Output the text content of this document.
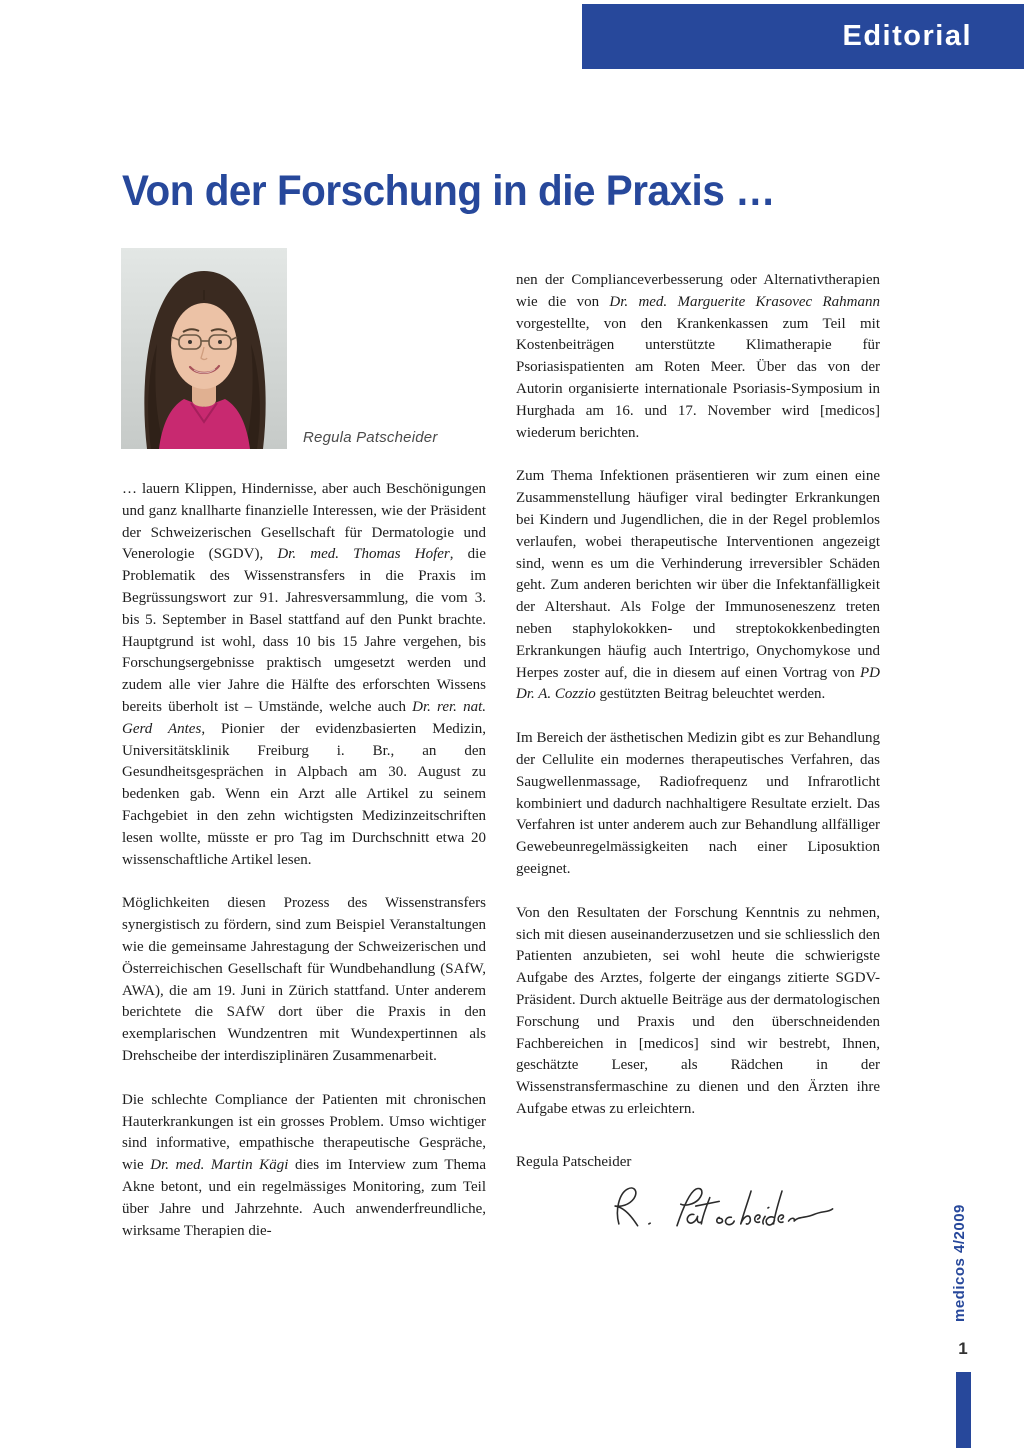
Editorial
Von der Forschung in die Praxis …
Regula Patscheider

… lauern Klippen, Hindernisse, aber auch Beschönigungen und ganz knallharte finanzielle Interessen, wie der Präsident der Schweizerischen Gesellschaft für Dermatologie und Venerologie (SGDV), Dr. med. Thomas Hofer, die Problematik des Wissenstransfers in die Praxis im Begrüssungswort zur 91. Jahresversammlung, die vom 3. bis 5. September in Basel stattfand auf den Punkt brachte. Hauptgrund ist wohl, dass 10 bis 15 Jahre vergehen, bis Forschungsergebnisse praktisch umgesetzt werden und zudem alle vier Jahre die Hälfte des erforschten Wissens bereits überholt ist – Umstände, welche auch Dr. rer. nat. Gerd Antes, Pionier der evidenzbasierten Medizin, Universitätsklinik Freiburg i. Br., an den Gesundheitsgesprächen in Alpbach am 30. August zu bedenken gab. Wenn ein Arzt alle Artikel zu seinem Fachgebiet in den zehn wichtigsten Medizinzeitschriften lesen wollte, müsste er pro Tag im Durchschnitt etwa 20 wissenschaftliche Artikel lesen.

Möglichkeiten diesen Prozess des Wissenstransfers synergistisch zu fördern, sind zum Beispiel Veranstaltungen wie die gemeinsame Jahrestagung der Schweizerischen und Österreichischen Gesellschaft für Wundbehandlung (SAfW, AWA), die am 19. Juni in Zürich stattfand. Unter anderem berichtete die SAfW dort über die Praxis in den exemplarischen Wundzentren mit Wundexpertinnen als Drehscheibe der interdisziplinären Zusammenarbeit.

Die schlechte Compliance der Patienten mit chronischen Hauterkrankungen ist ein grosses Problem. Umso wichtiger sind informative, empathische therapeutische Gespräche, wie Dr. med. Martin Kägi dies im Interview zum Thema Akne betont, und ein regelmässiges Monitoring, zum Teil über Jahre und Jahrzehnte. Auch anwenderfreundliche, wirksame Therapien die-

nen der Complianceverbesserung oder Alternativtherapien wie die von Dr. med. Marguerite Krasovec Rahmann vorgestellte, von den Krankenkassen zum Teil mit Kostenbeiträgen unterstützte Klimatherapie für Psoriasispatienten am Roten Meer. Über das von der Autorin organisierte internationale Psoriasis-Symposium in Hurghada am 16. und 17. November wird [medicos] wiederum berichten.

Zum Thema Infektionen präsentieren wir zum einen eine Zusammenstellung häufiger viral bedingter Erkrankungen bei Kindern und Jugendlichen, die in der Regel problemlos verlaufen, wobei therapeutische Interventionen angezeigt sind, wenn es um die Verhinderung irreversibler Schäden geht. Zum anderen berichten wir über die Infektanfälligkeit der Altershaut. Als Folge der Immunoseneszenz treten neben staphylokokken- und streptokokkenbedingten Erkrankungen häufig auch Intertrigo, Onychomykose und Herpes zoster auf, die in diesem auf einen Vortrag von PD Dr. A. Cozzio gestützten Beitrag beleuchtet werden.

Im Bereich der ästhetischen Medizin gibt es zur Behandlung der Cellulite ein modernes therapeutisches Verfahren, das Saugwellenmassage, Radiofrequenz und Infrarotlicht kombiniert und dadurch nachhaltigere Resultate erzielt. Das Verfahren ist unter anderem auch zur Behandlung allfälliger Gewebeunregelmässigkeiten nach einer Liposuktion geeignet.

Von den Resultaten der Forschung Kenntnis zu nehmen, sich mit diesen auseinanderzusetzen und sie schliesslich den Patienten anzubieten, sei wohl heute die schwierigste Aufgabe des Arztes, folgerte der eingangs zitierte SGDV-Präsident. Durch aktuelle Beiträge aus der dermatologischen Forschung und Praxis und den überschneidenden Fachbereichen in [medicos] sind wir bestrebt, Ihnen, geschätzte Leser, als Rädchen in der Wissenstransfermaschine zu dienen und den Ärzten ihre Aufgabe etwas zu erleichtern.

Regula Patscheider
medicos 4/2009
1
